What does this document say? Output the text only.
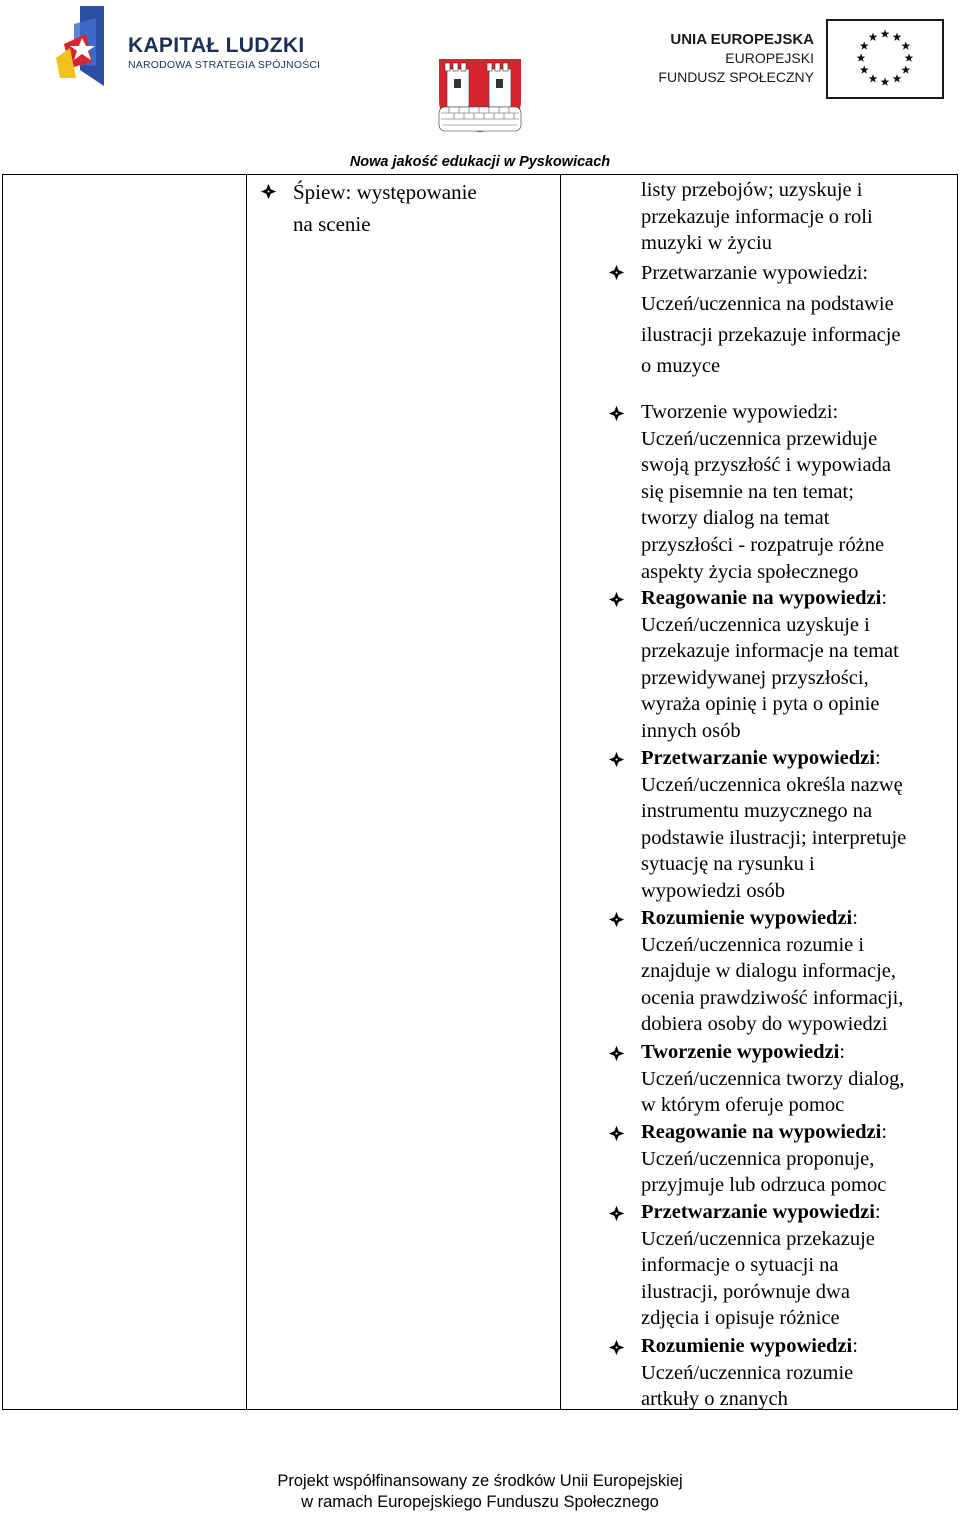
KAPITAŁ LUDZKI

NARODOWA STRATEGIA SPÓJNOŚCI

UNIA EUROPEJSKA
EUROPEJSKI
FUNDUSZ SPOŁECZNY
Nowa jakość edukacji w Pyskowicach
Śpiew: występowanie
na scenie
listy przebojów; uzyskuje i
przekazuje informacje o roli
muzyki w życiu
Przetwarzanie wypowiedzi:
Uczeń/uczennica na podstawie
ilustracji przekazuje informacje
o muzyce
Tworzenie wypowiedzi:
Uczeń/uczennica przewiduje
swoją przyszłość i wypowiada
się pisemnie na ten temat;
tworzy dialog na temat
przyszłości - rozpatruje różne
aspekty życia społecznego
Reagowanie na wypowiedzi:
Uczeń/uczennica uzyskuje i
przekazuje informacje na temat
przewidywanej przyszłości,
wyraża opinię i pyta o opinie
innych osób
Przetwarzanie wypowiedzi:
Uczeń/uczennica określa nazwę
instrumentu muzycznego na
podstawie ilustracji; interpretuje
sytuację na rysunku i
wypowiedzi osób
Rozumienie wypowiedzi:
Uczeń/uczennica rozumie i
znajduje w dialogu informacje,
ocenia prawdziwość informacji,
dobiera osoby do wypowiedzi
Tworzenie wypowiedzi:
Uczeń/uczennica tworzy dialog,
w którym oferuje pomoc
Reagowanie na wypowiedzi:
Uczeń/uczennica proponuje,
przyjmuje lub odrzuca pomoc
Przetwarzanie wypowiedzi:
Uczeń/uczennica przekazuje
informacje o sytuacji na
ilustracji, porównuje dwa
zdjęcia i opisuje różnice
Rozumienie wypowiedzi:
Uczeń/uczennica rozumie
artkuły o znanych
Projekt współfinansowany ze środków Unii Europejskiej
w ramach Europejskiego Funduszu Społecznego
